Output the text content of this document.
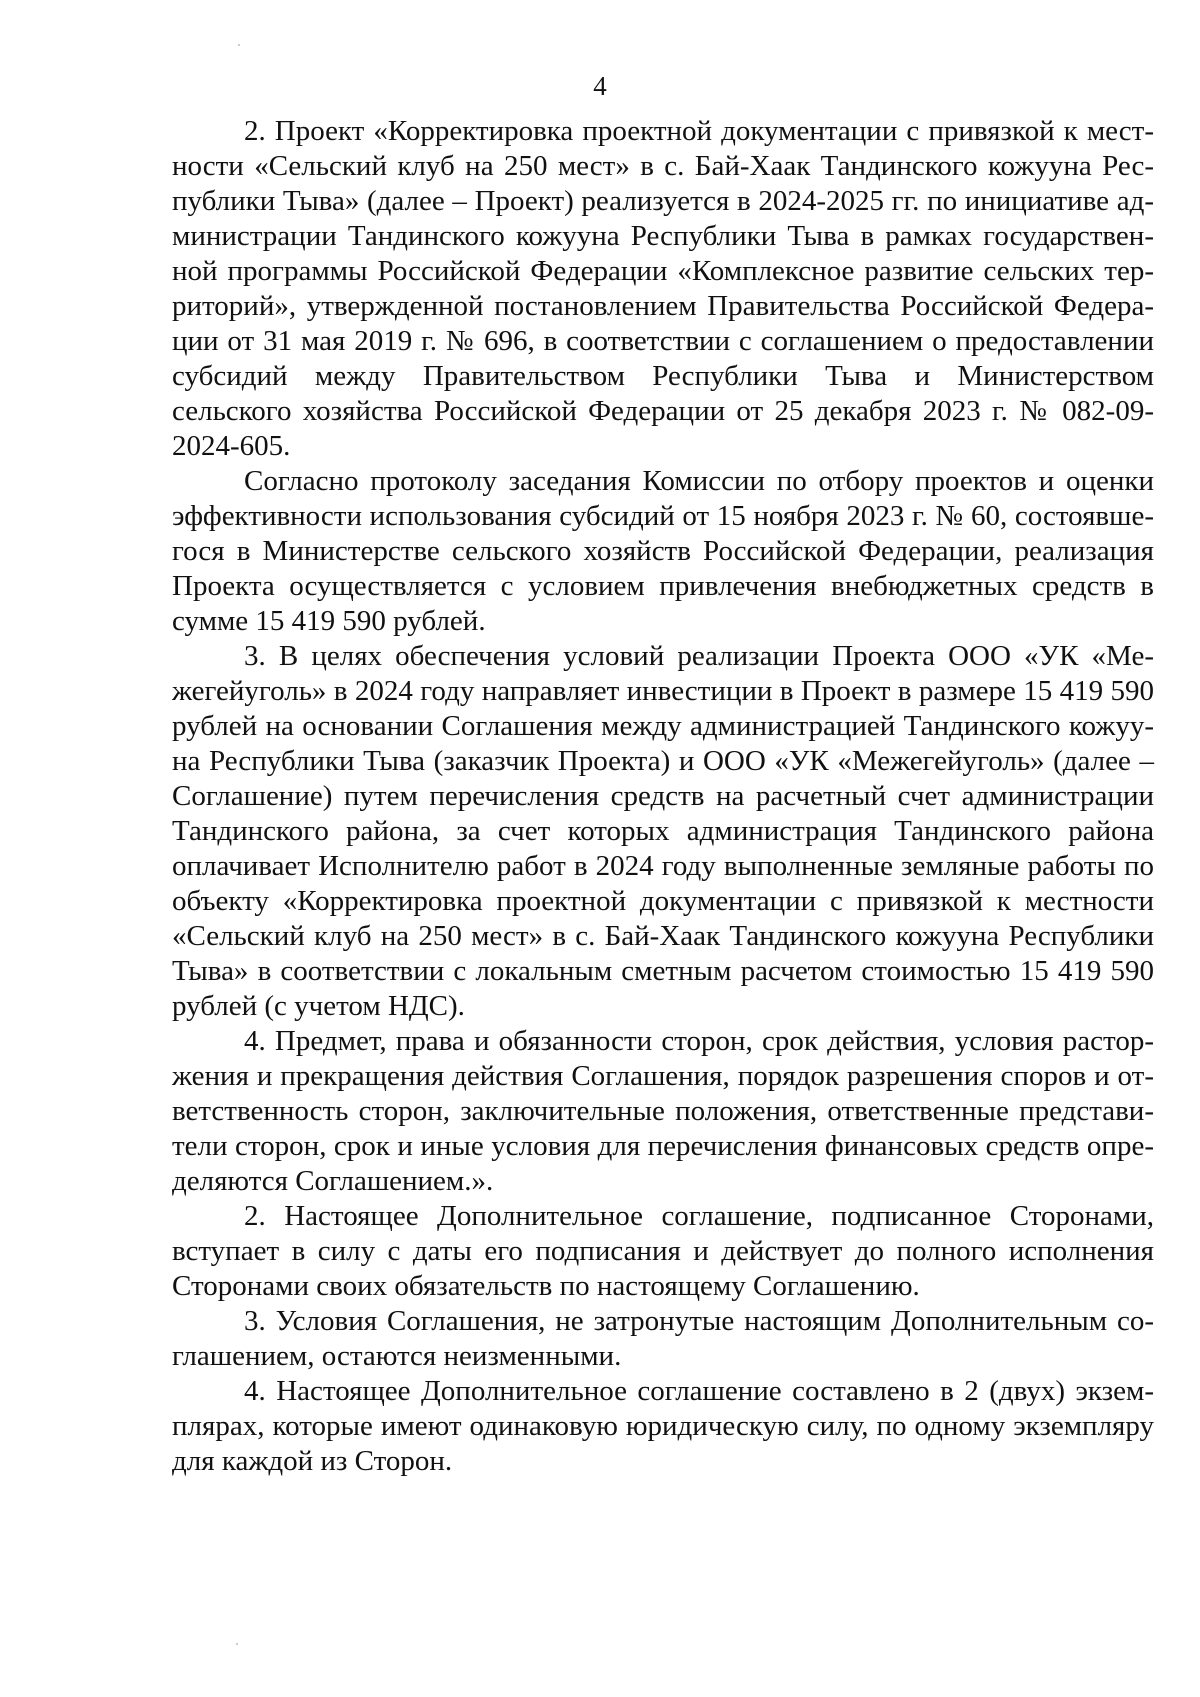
4

2. Проект «Корректировка проектной документации с привязкой к местности «Сельский клуб на 250 мест» в с. Бай-Хаак Тандинского кожууна Республики Тыва» (далее – Проект) реализуется в 2024-2025 гг. по инициативе администрации Тандинского кожууна Республики Тыва в рамках государственной программы Российской Федерации «Комплексное развитие сельских территорий», утвержденной постановлением Правительства Российской Федерации от 31 мая 2019 г. № 696, в соответствии с соглашением о предоставлении субсидий между Правительством Республики Тыва и Министерством сельского хозяйства Российской Федерации от 25 декабря 2023 г. № 082-09-2024-605.

Согласно протоколу заседания Комиссии по отбору проектов и оценки эффективности использования субсидий от 15 ноября 2023 г. № 60, состоявшегося в Министерстве сельского хозяйств Российской Федерации, реализация Проекта осуществляется с условием привлечения внебюджетных средств в сумме 15 419 590 рублей.

3. В целях обеспечения условий реализации Проекта ООО «УК «Межегейуголь» в 2024 году направляет инвестиции в Проект в размере 15 419 590 рублей на основании Соглашения между администрацией Тандинского кожууна Республики Тыва (заказчик Проекта) и ООО «УК «Межегейуголь» (далее – Соглашение) путем перечисления средств на расчетный счет администрации Тандинского района, за счет которых администрация Тандинского района оплачивает Исполнителю работ в 2024 году выполненные земляные работы по объекту «Корректировка проектной документации с привязкой к местности «Сельский клуб на 250 мест» в с. Бай-Хаак Тандинского кожууна Республики Тыва» в соответствии с локальным сметным расчетом стоимостью 15 419 590 рублей (с учетом НДС).

4. Предмет, права и обязанности сторон, срок действия, условия расторжения и прекращения действия Соглашения, порядок разрешения споров и ответственность сторон, заключительные положения, ответственные представители сторон, срок и иные условия для перечисления финансовых средств определяются Соглашением.».

2. Настоящее Дополнительное соглашение, подписанное Сторонами, вступает в силу с даты его подписания и действует до полного исполнения Сторонами своих обязательств по настоящему Соглашению.

3. Условия Соглашения, не затронутые настоящим Дополнительным соглашением, остаются неизменными.

4. Настоящее Дополнительное соглашение составлено в 2 (двух) экземплярах, которые имеют одинаковую юридическую силу, по одному экземпляру для каждой из Сторон.
